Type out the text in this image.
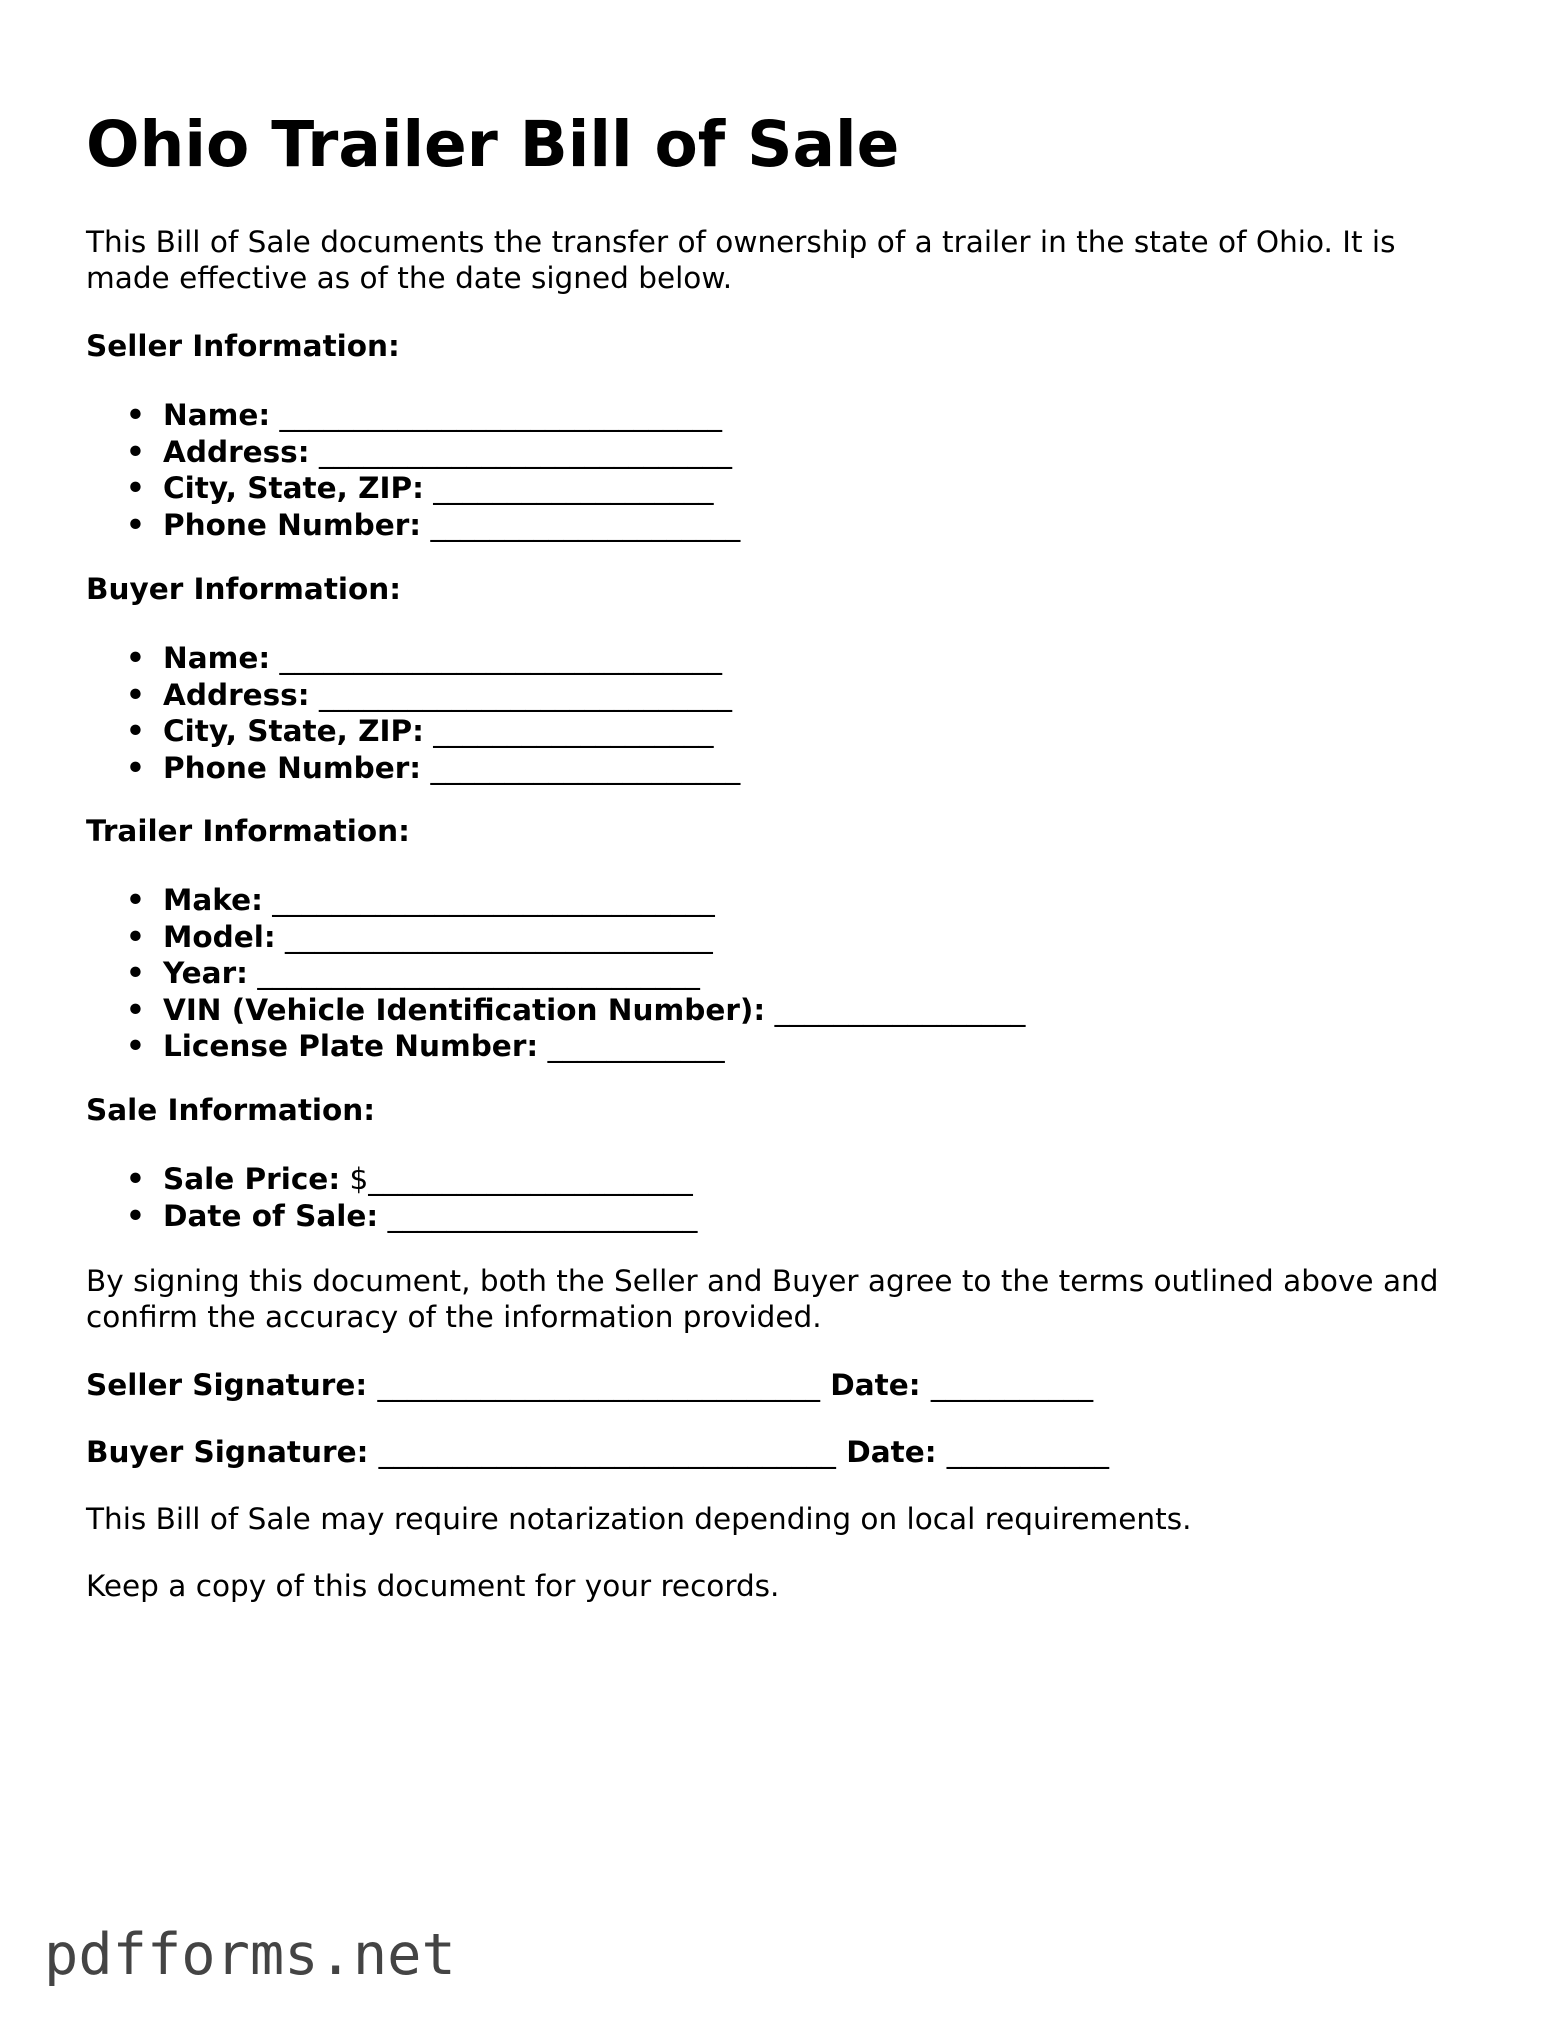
Ohio Trailer Bill of Sale

This Bill of Sale documents the transfer of ownership of a trailer in the state of Ohio. It is made effective as of the date signed below.

Seller Information:

• Name: ______________________________
• Address: ____________________________
• City, State, ZIP: ___________________
• Phone Number: _____________________

Buyer Information:

• Name: ______________________________
• Address: ____________________________
• City, State, ZIP: ___________________
• Phone Number: _____________________

Trailer Information:

• Make: ______________________________
• Model: _____________________________
• Year: ______________________________
• VIN (Vehicle Identification Number): _________________
• License Plate Number: ____________

Sale Information:

• Sale Price: $______________________
• Date of Sale: _____________________

By signing this document, both the Seller and Buyer agree to the terms outlined above and confirm the accuracy of the information provided.

Seller Signature: ______________________________ Date: ___________

Buyer Signature: _______________________________ Date: ___________

This Bill of Sale may require notarization depending on local requirements.

Keep a copy of this document for your records.

pdfforms.net
